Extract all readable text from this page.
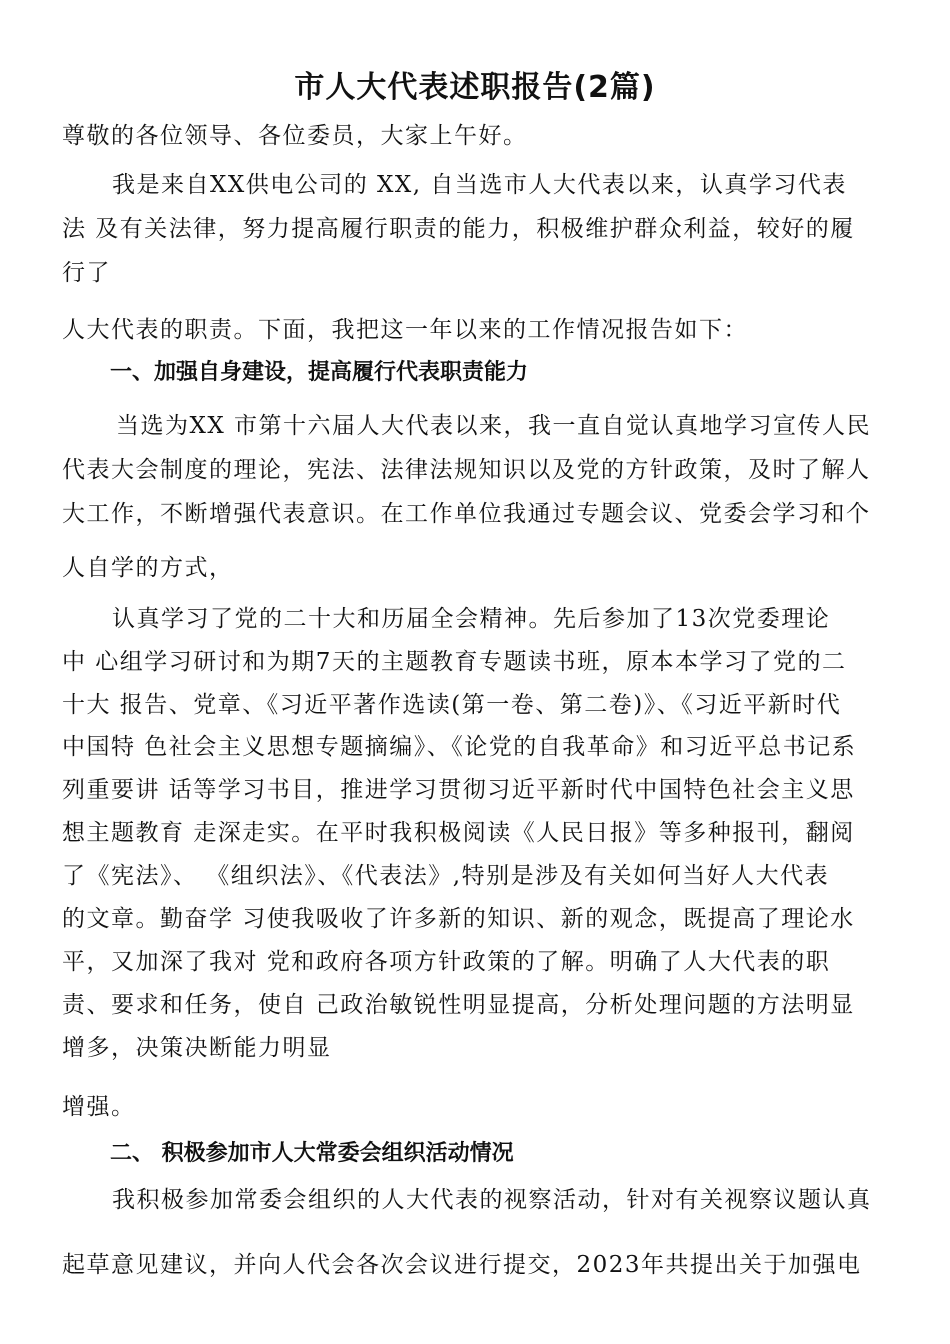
市人大代表述职报告(2篇)
尊敬的各位领导、各位委员，大家上午好。
我是来自XX供电公司的 XX, 自当选市人大代表以来，认真学习代表
法 及有关法律，努力提高履行职责的能力，积极维护群众利益，较好的履
行了
人大代表的职责。下面，我把这一年以来的工作情况报告如下：
一、加强自身建设，提高履行代表职责能力
当选为XX 市第十六届人大代表以来，我一直自觉认真地学习宣传人民
代表大会制度的理论，宪法、法律法规知识以及党的方针政策，及时了解人
大工作，不断增强代表意识。在工作单位我通过专题会议、党委会学习和个
人自学的方式，
认真学习了党的二十大和历届全会精神。先后参加了13次党委理论
中 心组学习研讨和为期7天的主题教育专题读书班，原本本学习了党的二
十大 报告、党章、《习近平著作选读(第一卷、第二卷)》、《习近平新时代
中国特 色社会主义思想专题摘编》、《论党的自我革命》和习近平总书记系
列重要讲 话等学习书目，推进学习贯彻习近平新时代中国特色社会主义思
想主题教育 走深走实。在平时我积极阅读《人民日报》等多种报刊，翻阅
了《宪法》、 《组织法》、《代表法》,特别是涉及有关如何当好人大代表
的文章。勤奋学 习使我吸收了许多新的知识、新的观念，既提高了理论水
平，又加深了我对 党和政府各项方针政策的了解。明确了人大代表的职
责、要求和任务，使自 己政治敏锐性明显提高，分析处理问题的方法明显
增多，决策决断能力明显
增强。
二、 积极参加市人大常委会组织活动情况
我积极参加常委会组织的人大代表的视察活动，针对有关视察议题认真
起草意见建议，并向人代会各次会议进行提交，2023年共提出关于加强电
